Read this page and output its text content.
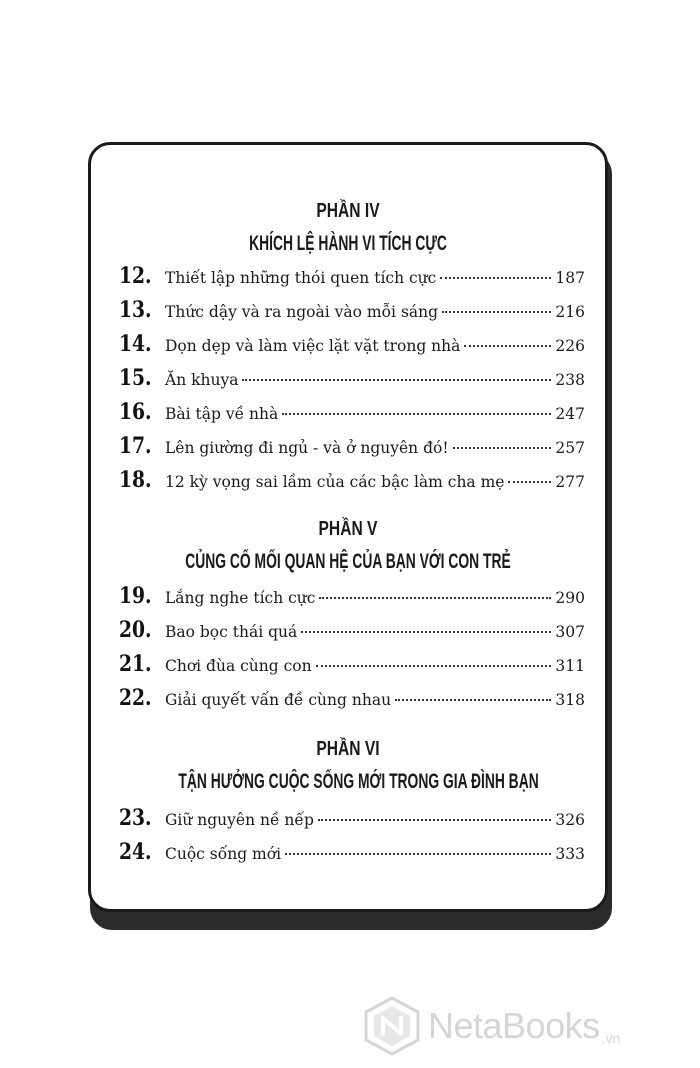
PHẦN IV
KHÍCH LỆ HÀNH VI TÍCH CỰC
12. Thiết lập những thói quen tích cực	187
13. Thức dậy và ra ngoài vào mỗi sáng	216
14. Dọn dẹp và làm việc lặt vặt trong nhà	226
15. Ăn khuya	238
16. Bài tập về nhà	247
17. Lên giường đi ngủ - và ở nguyên đó!	257
18. 12 kỳ vọng sai lầm của các bậc làm cha mẹ	277
PHẦN V
CỦNG CỐ MỐI QUAN HỆ CỦA BẠN VỚI CON TRẺ
19. Lắng nghe tích cực	290
20. Bao bọc thái quá	307
21. Chơi đùa cùng con	311
22. Giải quyết vấn đề cùng nhau	318
PHẦN VI
TẬN HƯỞNG CUỘC SỐNG MỚI TRONG GIA ĐÌNH BẠN
23. Giữ nguyên nề nếp	326
24. Cuộc sống mới	333
NetaBooks .vn
